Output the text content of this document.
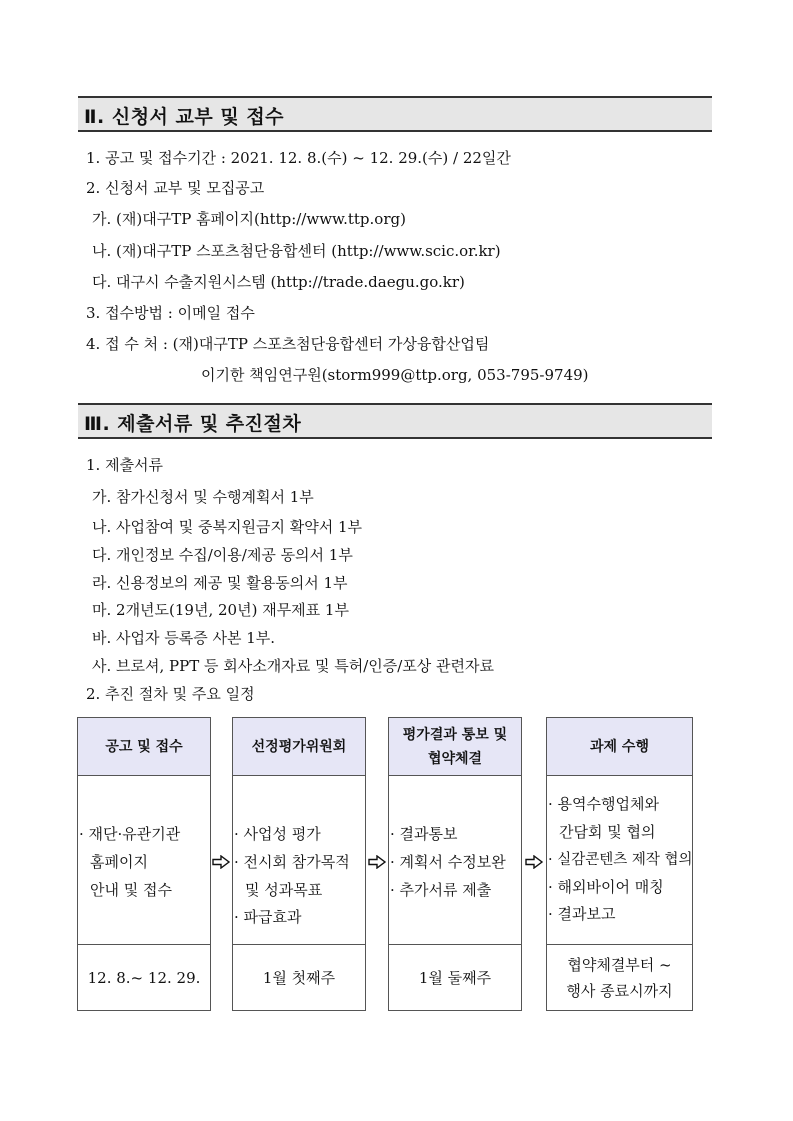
Ⅱ. 신청서 교부 및 접수
1. 공고 및 접수기간 : 2021. 12. 8.(수) ~ 12. 29.(수) / 22일간
2. 신청서 교부 및 모집공고
가. (재)대구TP 홈페이지(http://www.ttp.org)
나. (재)대구TP 스포츠첨단융합센터 (http://www.scic.or.kr)
다. 대구시 수출지원시스템 (http://trade.daegu.go.kr)
3. 접수방법 : 이메일 접수
4. 접 수 처 : (재)대구TP 스포츠첨단융합센터 가상융합산업팀
이기한 책임연구원(storm999@ttp.org, 053-795-9749)
Ⅲ. 제출서류 및 추진절차
1. 제출서류
가. 참가신청서 및 수행계획서 1부
나. 사업참여 및 중복지원금지 확약서 1부
다. 개인정보 수집/이용/제공 동의서 1부
라. 신용정보의 제공 및 활용동의서 1부
마. 2개년도(19년, 20년) 재무제표 1부
바. 사업자 등록증 사본 1부.
사. 브로셔, PPT 등 회사소개자료 및 특허/인증/포상 관련자료
2. 추진 절차 및 주요 일정
공고 및 접수
· 재단·유관기관
홈페이지
안내 및 접수
12. 8.~ 12. 29.
선정평가위원회
· 사업성 평가
· 전시회 참가목적
및 성과목표
· 파급효과
1월 첫째주
평가결과 통보 및
협약체결
· 결과통보
· 계획서 수정보완
· 추가서류 제출
1월 둘째주
과제 수행
· 용역수행업체와
간담회 및 협의
· 실감콘텐츠 제작 협의
· 해외바이어 매칭
· 결과보고
협약체결부터 ~
행사 종료시까지
